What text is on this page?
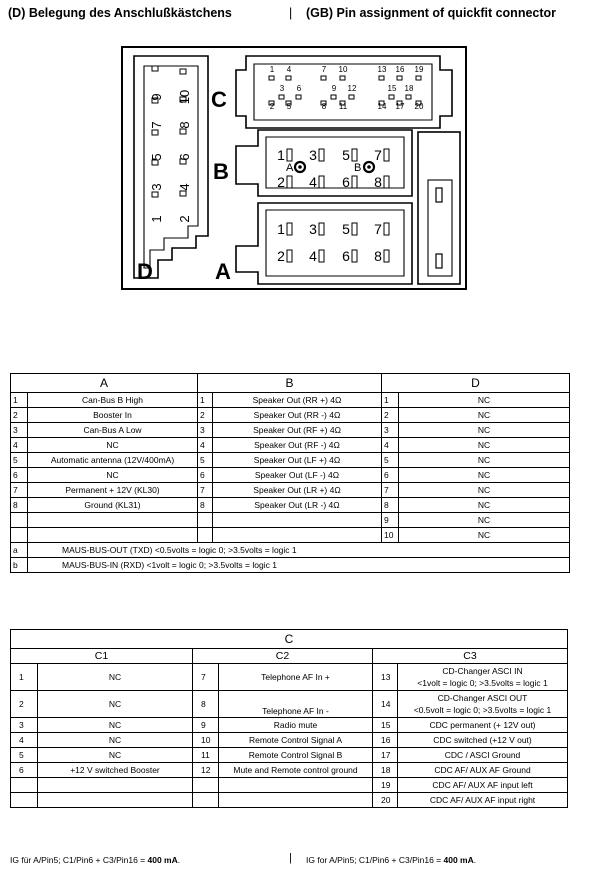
(D) Belegung des Anschlußkästchens	| (GB) Pin assignment of quickfit connector
C
B
A
D
A	B
1 4	7 10	13 16 19
3 6	9 12	15 18
2 5	8 11	14 17 20
1 3 5 7
2 4 6 8
1 3 5 7
2 4 6 8
9
7
5
3
1
10
8
6
4
2
A		B		D	
1	Can-Bus B High	1	Speaker Out (RR +) 4Ω	1	NC
2	Booster In	2	Speaker Out (RR -) 4Ω	2	NC
3	Can-Bus A Low	3	Speaker Out (RF +) 4Ω	3	NC
4	NC	4	Speaker Out (RF -) 4Ω	4	NC
5	Automatic antenna (12V/400mA)	5	Speaker Out (LF +) 4Ω	5	NC
6	NC	6	Speaker Out (LF -) 4Ω	6	NC
7	Permanent + 12V (KL30)	7	Speaker Out (LR +) 4Ω	7	NC
8	Ground (KL31)	8	Speaker Out (LR -) 4Ω	8	NC
				9	NC
				10	NC
a	MAUS-BUS-OUT (TXD) <0.5volts = logic 0; >3.5volts = logic 1				
b	MAUS-BUS-IN (RXD) <1volt = logic 0; >3.5volts = logic 1				
C					
C1		C2		C3	
1	NC	7	Telephone AF In +	13	CD-Changer ASCI IN
<1volt = logic 0; >3.5volts = logic 1

2	NC	8	Telephone AF In -	14	CD-Changer ASCI OUT
<0.5volt = logic 0; >3.5volts = logic 1

3	NC	9	Radio mute	15	CDC permanent (+ 12V out)

4	NC	10	Remote Control Signal A	16	CDC switched (+12 V out)

5	NC	11	Remote Control Signal B	17	CDC / ASCI Ground

6	+12 V switched Booster	12	Mute and Remote control ground	18	CDC AF/ AUX AF Ground

				19	CDC AF/ AUX AF input left

				20	CDC AF/ AUX AF input right
IG für A/Pin5; C1/Pin6 + C3/Pin16 = 400 mA.	| IG for A/Pin5; C1/Pin6 + C3/Pin16 = 400 mA.
